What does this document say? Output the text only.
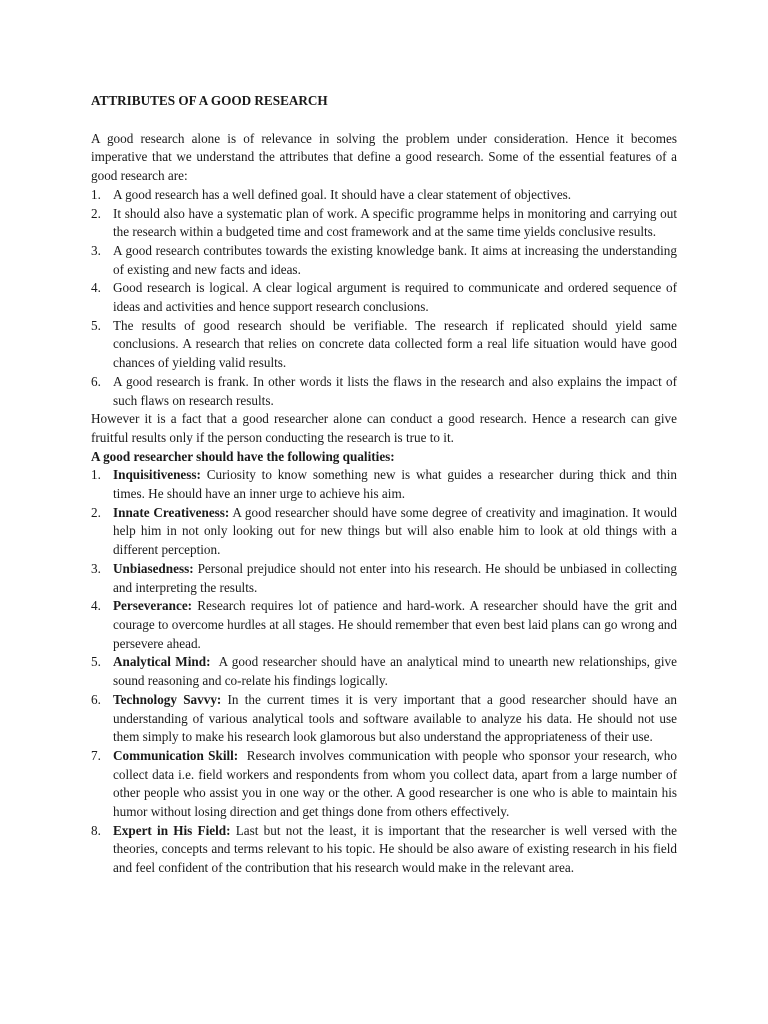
ATTRIBUTES OF A GOOD RESEARCH

A good research alone is of relevance in solving the problem under consideration. Hence it becomes imperative that we understand the attributes that define a good research. Some of the essential features of a good research are:

1. A good research has a well defined goal. It should have a clear statement of objectives.
2. It should also have a systematic plan of work. A specific programme helps in monitoring and carrying out the research within a budgeted time and cost framework and at the same time yields conclusive results.
3. A good research contributes towards the existing knowledge bank. It aims at increasing the understanding of existing and new facts and ideas.
4. Good research is logical. A clear logical argument is required to communicate and ordered sequence of ideas and activities and hence support research conclusions.
5. The results of good research should be verifiable. The research if replicated should yield same conclusions. A research that relies on concrete data collected form a real life situation would have good chances of yielding valid results.
6. A good research is frank. In other words it lists the flaws in the research and also explains the impact of such flaws on research results.

However it is a fact that a good researcher alone can conduct a good research. Hence a research can give fruitful results only if the person conducting the research is true to it.

A good researcher should have the following qualities:

1. Inquisitiveness: Curiosity to know something new is what guides a researcher during thick and thin times. He should have an inner urge to achieve his aim.
2. Innate Creativeness: A good researcher should have some degree of creativity and imagination. It would help him in not only looking out for new things but will also enable him to look at old things with a different perception.
3. Unbiasedness: Personal prejudice should not enter into his research. He should be unbiased in collecting and interpreting the results.
4. Perseverance: Research requires lot of patience and hard-work. A researcher should have the grit and courage to overcome hurdles at all stages. He should remember that even best laid plans can go wrong and persevere ahead.
5. Analytical Mind:  A good researcher should have an analytical mind to unearth new relationships, give sound reasoning and co-relate his findings logically.
6. Technology Savvy: In the current times it is very important that a good researcher should have an understanding of various analytical tools and software available to analyze his data. He should not use them simply to make his research look glamorous but also understand the appropriateness of their use.
7. Communication Skill:  Research involves communication with people who sponsor your research, who collect data i.e. field workers and respondents from whom you collect data, apart from a large number of other people who assist you in one way or the other. A good researcher is one who is able to maintain his humor without losing direction and get things done from others effectively.
8. Expert in His Field: Last but not the least, it is important that the researcher is well versed with the theories, concepts and terms relevant to his topic. He should be also aware of existing research in his field and feel confident of the contribution that his research would make in the relevant area.
